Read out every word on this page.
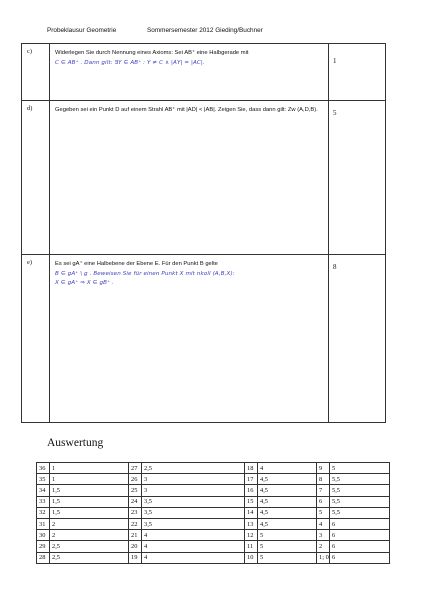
Probeklausur Geometrie	Sommersemester 2012 Gieding/Buchner
c)	Widerlegen Sie durch Nennung eines Axioms: Sei AB⁺ eine Halbgerade mit
C ∈ AB⁺ . Dann gilt: ∃Y ∈ AB⁺ : Y ≠ C ∧ |AY| = |AC|.	1

d)	Gegeben sei ein Punkt D auf einem Strahl AB⁺ mit |AD| < |AB|. Zeigen Sie, dass dann gilt: Zw (A,D,B).	5

e)	Es sei gA⁺ eine Halbebene der Ebene E. Für den Punkt B gelte
B ∈ gA⁺ \ g . Beweisen Sie für einen Punkt X mit nkoll (A,B,X):
X ∈ gA⁺ ⇒ X ∈ gB⁺ .	8
Auswertung
36	1	27	2,5	18	4	9	5
35	1	26	3	17	4,5	8	5,5
34	1,5	25	3	16	4,5	7	5,5
33	1,5	24	3,5	15	4,5	6	5,5
32	1,5	23	3,5	14	4,5	5	5,5
31	2	22	3,5	13	4,5	4	6
30	2	21	4	12	5	3	6
29	2,5	20	4	11	5	2	6
28	2,5	19	4	10	5	1; 0	6
